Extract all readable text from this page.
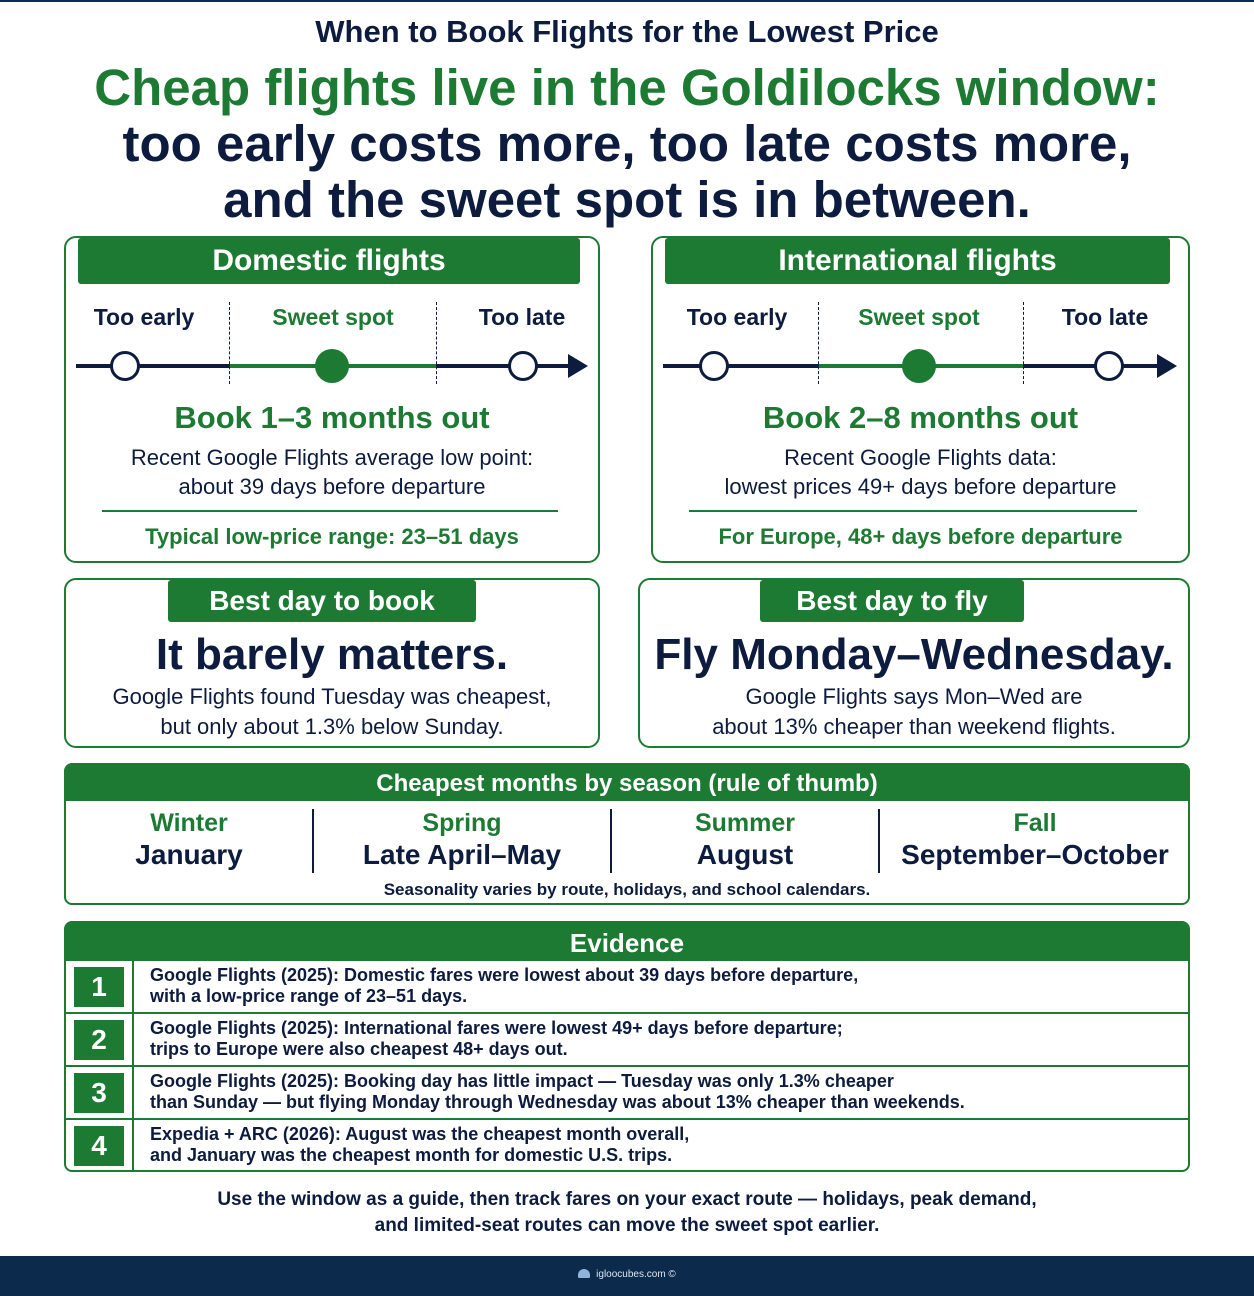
When to Book Flights for the Lowest Price
Cheap flights live in the Goldilocks window:
too early costs more, too late costs more,
and the sweet spot is in between.
Domestic flights
Too early	Sweet spot	Too late
Book 1–3 months out
Recent Google Flights average low point:
about 39 days before departure
Typical low-price range: 23–51 days
International flights
Too early	Sweet spot	Too late
Book 2–8 months out
Recent Google Flights data:
lowest prices 49+ days before departure
For Europe, 48+ days before departure
Best day to book
It barely matters.
Google Flights found Tuesday was cheapest,
but only about 1.3% below Sunday.
Best day to fly
Fly Monday–Wednesday.
Google Flights says Mon–Wed are
about 13% cheaper than weekend flights.
Cheapest months by season (rule of thumb)
Winter
January
Spring
Late April–May
Summer
August
Fall
September–October
Seasonality varies by route, holidays, and school calendars.
Evidence
1	Google Flights (2025): Domestic fares were lowest about 39 days before departure,
with a low-price range of 23–51 days.
2	Google Flights (2025): International fares were lowest 49+ days before departure;
trips to Europe were also cheapest 48+ days out.
3	Google Flights (2025): Booking day has little impact — Tuesday was only 1.3% cheaper
than Sunday — but flying Monday through Wednesday was about 13% cheaper than weekends.
4	Expedia + ARC (2026): August was the cheapest month overall,
and January was the cheapest month for domestic U.S. trips.
Use the window as a guide, then track fares on your exact route — holidays, peak demand,
and limited-seat routes can move the sweet spot earlier.
igloocubes.com ©
